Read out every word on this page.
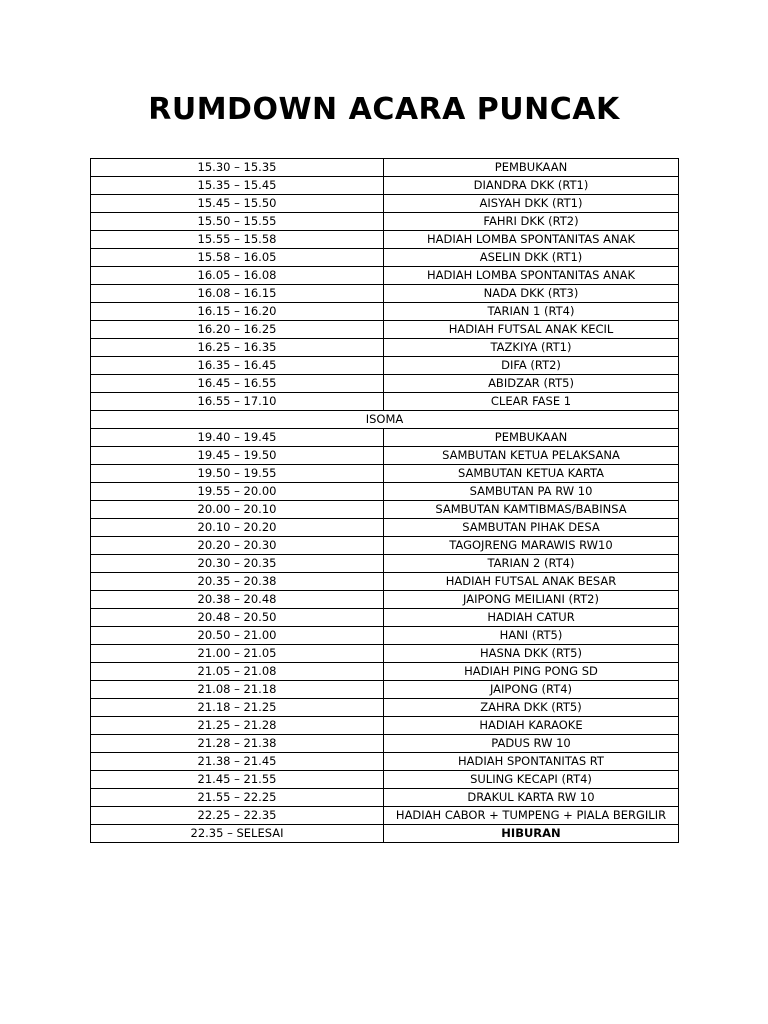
RUMDOWN ACARA PUNCAK
15.30 – 15.35	PEMBUKAAN
15.35 – 15.45	DIANDRA DKK (RT1)
15.45 – 15.50	AISYAH DKK (RT1)
15.50 – 15.55	FAHRI DKK (RT2)
15.55 – 15.58	HADIAH LOMBA SPONTANITAS ANAK
15.58 – 16.05	ASELIN DKK (RT1)
16.05 – 16.08	HADIAH LOMBA SPONTANITAS ANAK
16.08 – 16.15	NADA DKK (RT3)
16.15 – 16.20	TARIAN 1 (RT4)
16.20 – 16.25	HADIAH FUTSAL ANAK KECIL
16.25 – 16.35	TAZKIYA (RT1)
16.35 – 16.45	DIFA (RT2)
16.45 – 16.55	ABIDZAR (RT5)
16.55 – 17.10	CLEAR FASE 1
ISOMA	
19.40 – 19.45	PEMBUKAAN
19.45 – 19.50	SAMBUTAN KETUA PELAKSANA
19.50 – 19.55	SAMBUTAN KETUA KARTA
19.55 – 20.00	SAMBUTAN PA RW 10
20.00 – 20.10	SAMBUTAN KAMTIBMAS/BABINSA
20.10 – 20.20	SAMBUTAN PIHAK DESA
20.20 – 20.30	TAGOJRENG MARAWIS RW10
20.30 – 20.35	TARIAN 2 (RT4)
20.35 – 20.38	HADIAH FUTSAL ANAK BESAR
20.38 – 20.48	JAIPONG MEILIANI (RT2)
20.48 – 20.50	HADIAH CATUR
20.50 – 21.00	HANI (RT5)
21.00 – 21.05	HASNA DKK (RT5)
21.05 – 21.08	HADIAH PING PONG SD
21.08 – 21.18	JAIPONG (RT4)
21.18 – 21.25	ZAHRA DKK (RT5)
21.25 – 21.28	HADIAH KARAOKE
21.28 – 21.38	PADUS RW 10
21.38 – 21.45	HADIAH SPONTANITAS RT
21.45 – 21.55	SULING KECAPI (RT4)
21.55 – 22.25	DRAKUL KARTA RW 10
22.25 – 22.35	HADIAH CABOR + TUMPENG + PIALA BERGILIR
22.35 – SELESAI	HIBURAN
